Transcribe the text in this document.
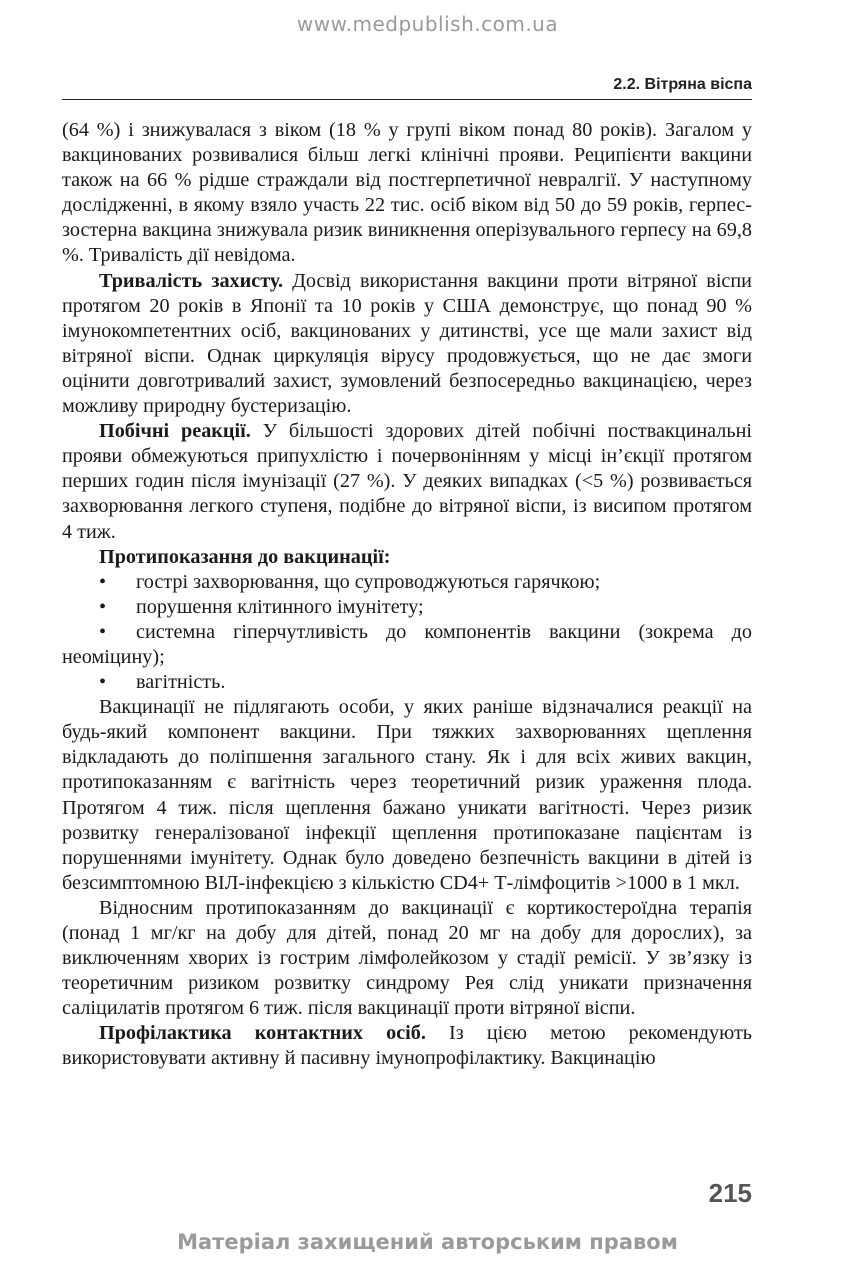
www.medpublish.com.ua
2.2. Вітряна віспа

(64 %) і знижувалася з віком (18 % у групі віком понад 80 років). Загалом у вакцинованих розвивалися більш легкі клінічні прояви. Реципієнти вакцини також на 66 % рідше страждали від постгерпетичної невралгії. У наступному дослідженні, в якому взяло участь 22 тис. осіб віком від 50 до 59 років, герпес-зостерна вакцина знижувала ризик виникнення оперізувального герпесу на 69,8 %. Тривалість дії невідома.

Тривалість захисту. Досвід використання вакцини проти вітряної віспи протягом 20 років в Японії та 10 років у США демонструє, що понад 90 % імунокомпетентних осіб, вакцинованих у дитинстві, усе ще мали захист від вітряної віспи. Однак циркуляція вірусу продовжується, що не дає змоги оцінити довготривалий захист, зумовлений безпосередньо вакцинацією, через можливу природну бустеризацію.

Побічні реакції. У більшості здорових дітей побічні поствакцинальні прояви обмежуються припухлістю і почервонінням у місці ін’єкції протягом перших годин після імунізації (27 %). У деяких випадках (<5 %) розвивається захворювання легкого ступеня, подібне до вітряної віспи, із висипом протягом 4 тиж.

Протипоказання до вакцинації:

•	гострі захворювання, що супроводжуються гарячкою;
•	порушення клітинного імунітету;

• системна гіперчутливість до компонентів вакцини (зокрема до неоміцину);

•	вагітність.

Вакцинації не підлягають особи, у яких раніше відзначалися реакції на будь-який компонент вакцини. При тяжких захворюваннях щеплення відкладають до поліпшення загального стану. Як і для всіх живих вакцин, протипоказанням є вагітність через теоретичний ризик ураження плода. Протягом 4 тиж. після щеплення бажано уникати вагітності. Через ризик розвитку генералізованої інфекції щеплення протипоказане пацієнтам із порушеннями імунітету. Однак було доведено безпечність вакцини в дітей із безсимптомною ВІЛ-інфекцією з кількістю CD4+ Т-лімфоцитів >1000 в 1 мкл.

Відносним протипоказанням до вакцинації є кортикостероїдна терапія (понад 1 мг/кг на добу для дітей, понад 20 мг на добу для дорослих), за виключенням хворих із гострим лімфолейкозом у стадії ремісії. У зв’язку із теоретичним ризиком розвитку синдрому Рея слід уникати призначення саліцилатів протягом 6 тиж. після вакцинації проти вітряної віспи.

Профілактика контактних осіб. Із цією метою рекомендують використовувати активну й пасивну імунопрофілактику. Вакцинацію

215
Матеріал захищений авторським правом
